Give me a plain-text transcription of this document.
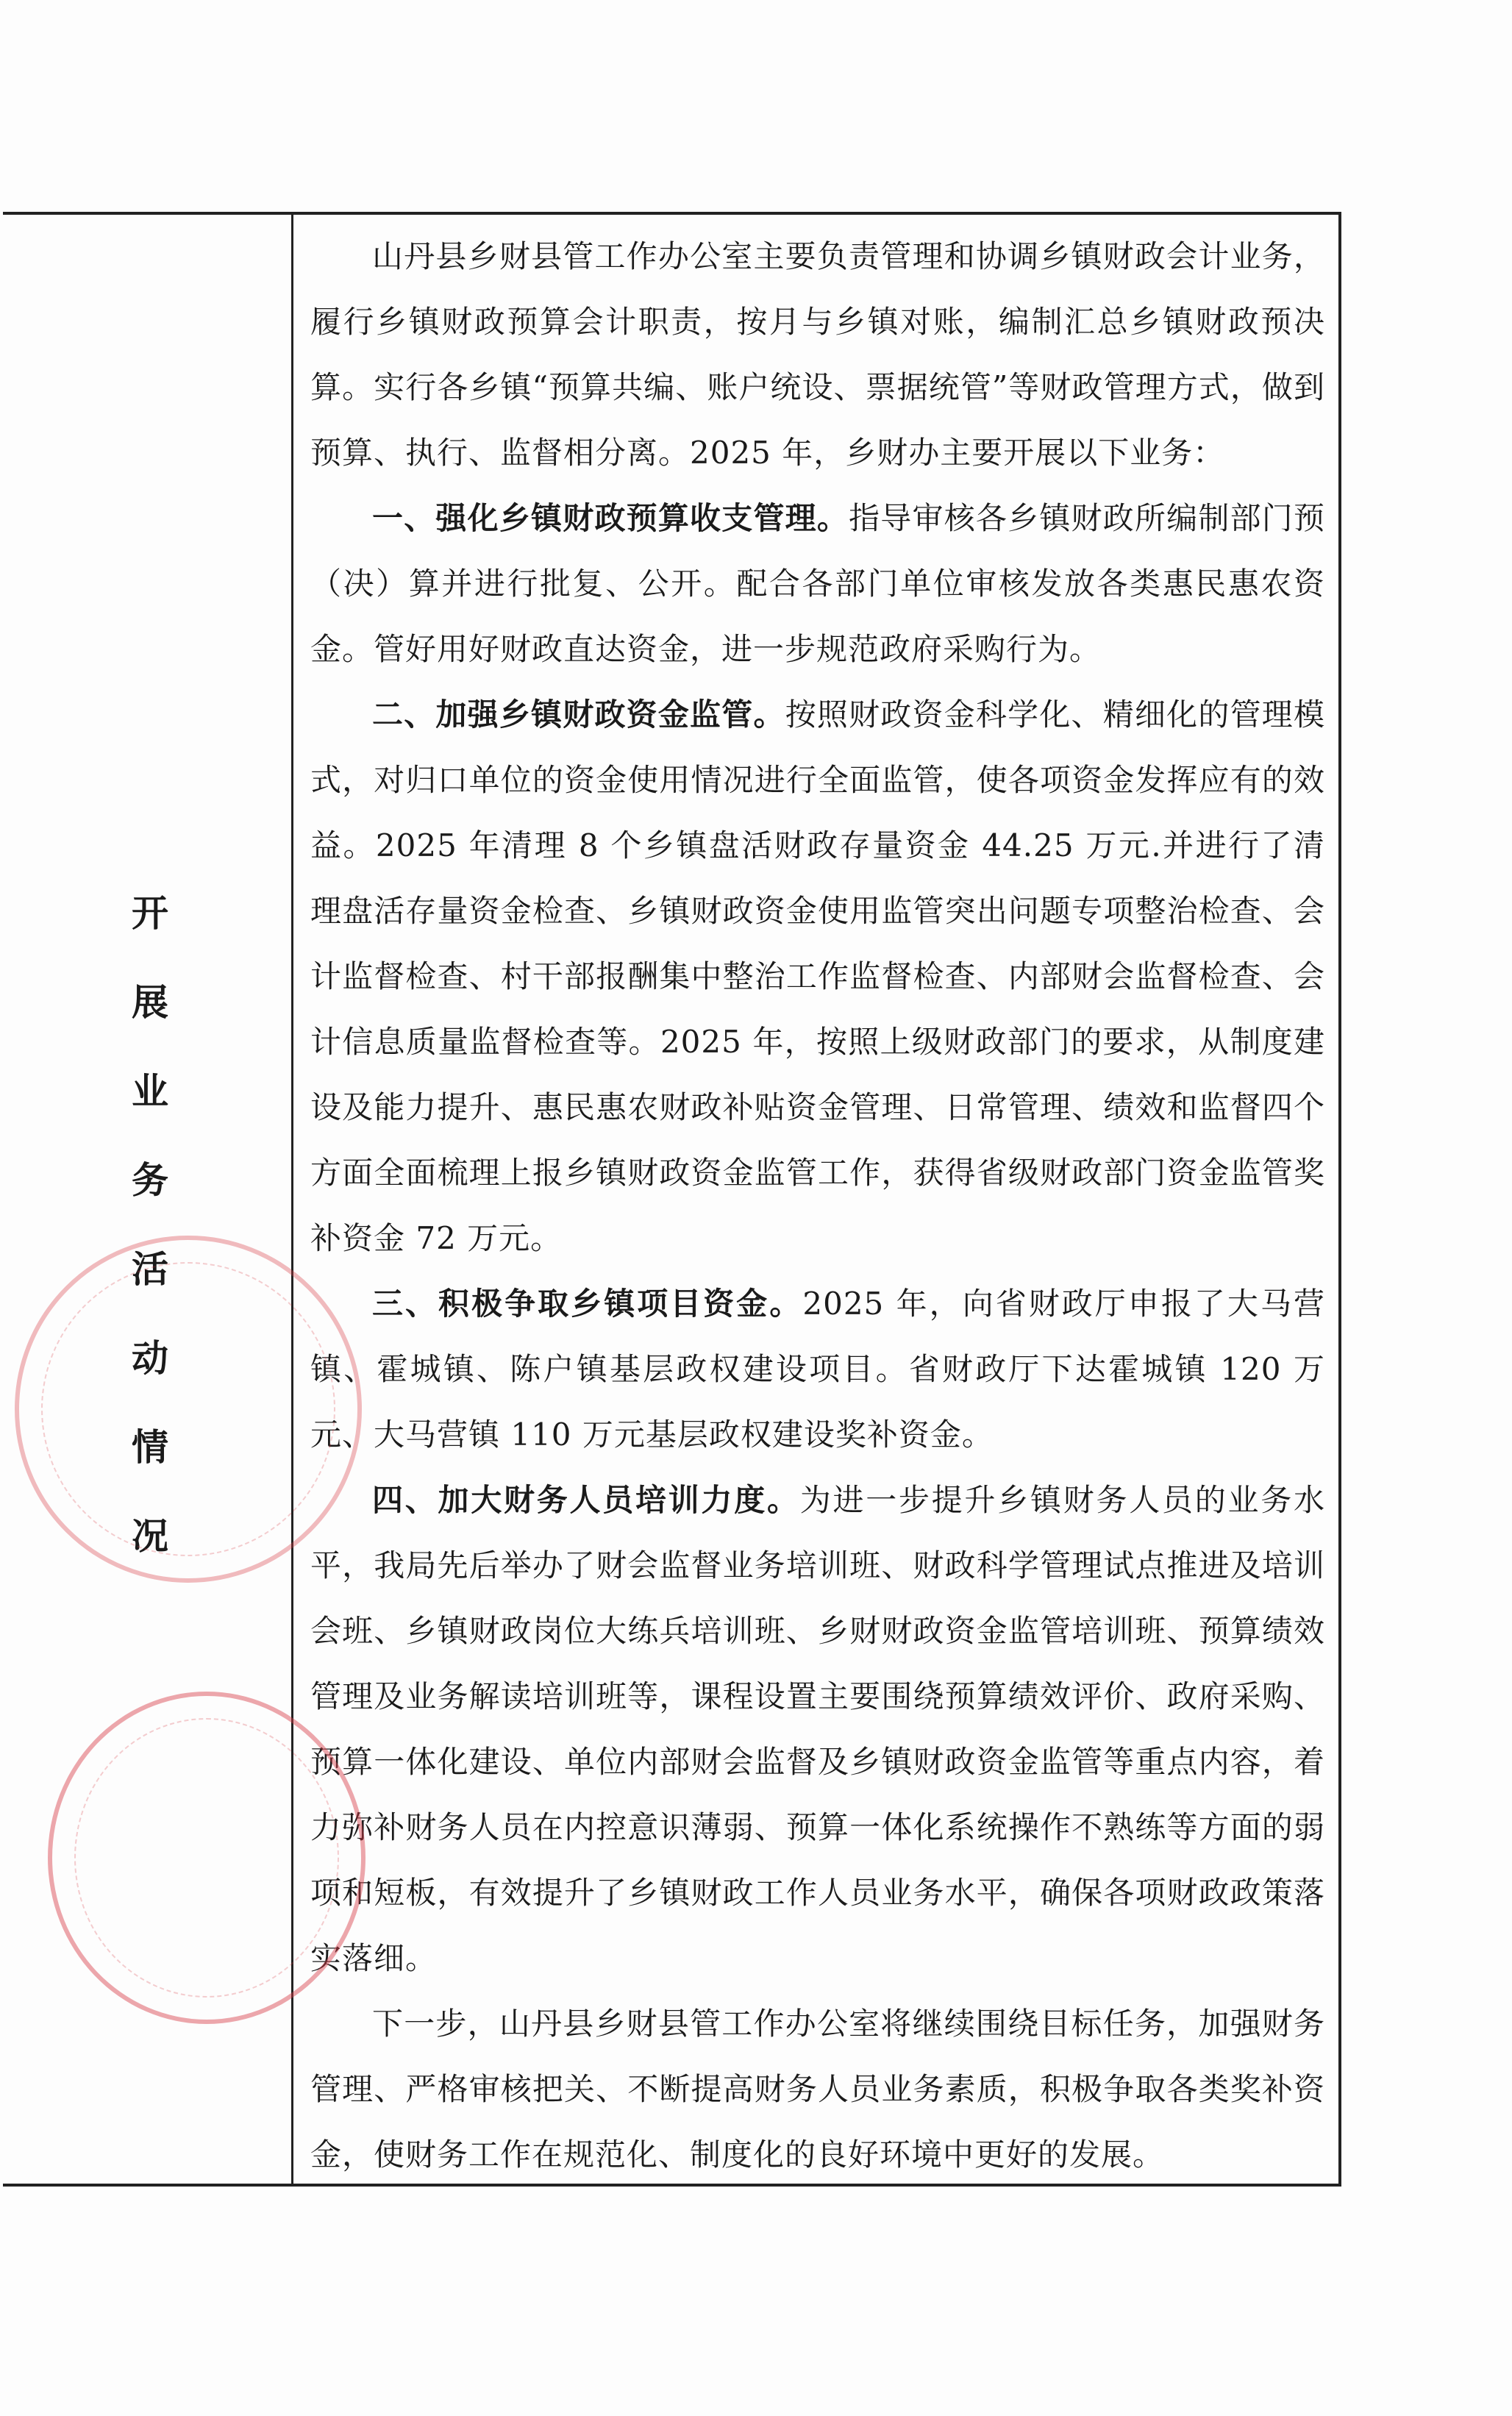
开
展
业
务
活
动
情
况

山丹县乡财县管工作办公室主要负责管理和协调乡镇财政会计业务，履行乡镇财政预算会计职责，按月与乡镇对账，编制汇总乡镇财政预决算。实行各乡镇“预算共编、账户统设、票据统管”等财政管理方式，做到预算、执行、监督相分离。2025 年，乡财办主要开展以下业务：

一、强化乡镇财政预算收支管理。指导审核各乡镇财政所编制部门预（决）算并进行批复、公开。配合各部门单位审核发放各类惠民惠农资金。管好用好财政直达资金，进一步规范政府采购行为。

二、加强乡镇财政资金监管。按照财政资金科学化、精细化的管理模式，对归口单位的资金使用情况进行全面监管，使各项资金发挥应有的效益。2025 年清理 8 个乡镇盘活财政存量资金 44.25 万元.并进行了清理盘活存量资金检查、乡镇财政资金使用监管突出问题专项整治检查、会计监督检查、村干部报酬集中整治工作监督检查、内部财会监督检查、会计信息质量监督检查等。2025 年，按照上级财政部门的要求，从制度建设及能力提升、惠民惠农财政补贴资金管理、日常管理、绩效和监督四个方面全面梳理上报乡镇财政资金监管工作，获得省级财政部门资金监管奖补资金 72 万元。

三、积极争取乡镇项目资金。2025 年，向省财政厅申报了大马营镇、霍城镇、陈户镇基层政权建设项目。省财政厅下达霍城镇 120 万元、大马营镇 110 万元基层政权建设奖补资金。

四、加大财务人员培训力度。为进一步提升乡镇财务人员的业务水平，我局先后举办了财会监督业务培训班、财政科学管理试点推进及培训会班、乡镇财政岗位大练兵培训班、乡财财政资金监管培训班、预算绩效管理及业务解读培训班等，课程设置主要围绕预算绩效评价、政府采购、预算一体化建设、单位内部财会监督及乡镇财政资金监管等重点内容，着力弥补财务人员在内控意识薄弱、预算一体化系统操作不熟练等方面的弱项和短板，有效提升了乡镇财政工作人员业务水平，确保各项财政政策落实落细。

下一步，山丹县乡财县管工作办公室将继续围绕目标任务，加强财务管理、严格审核把关、不断提高财务人员业务素质，积极争取各类奖补资金，使财务工作在规范化、制度化的良好环境中更好的发展。
